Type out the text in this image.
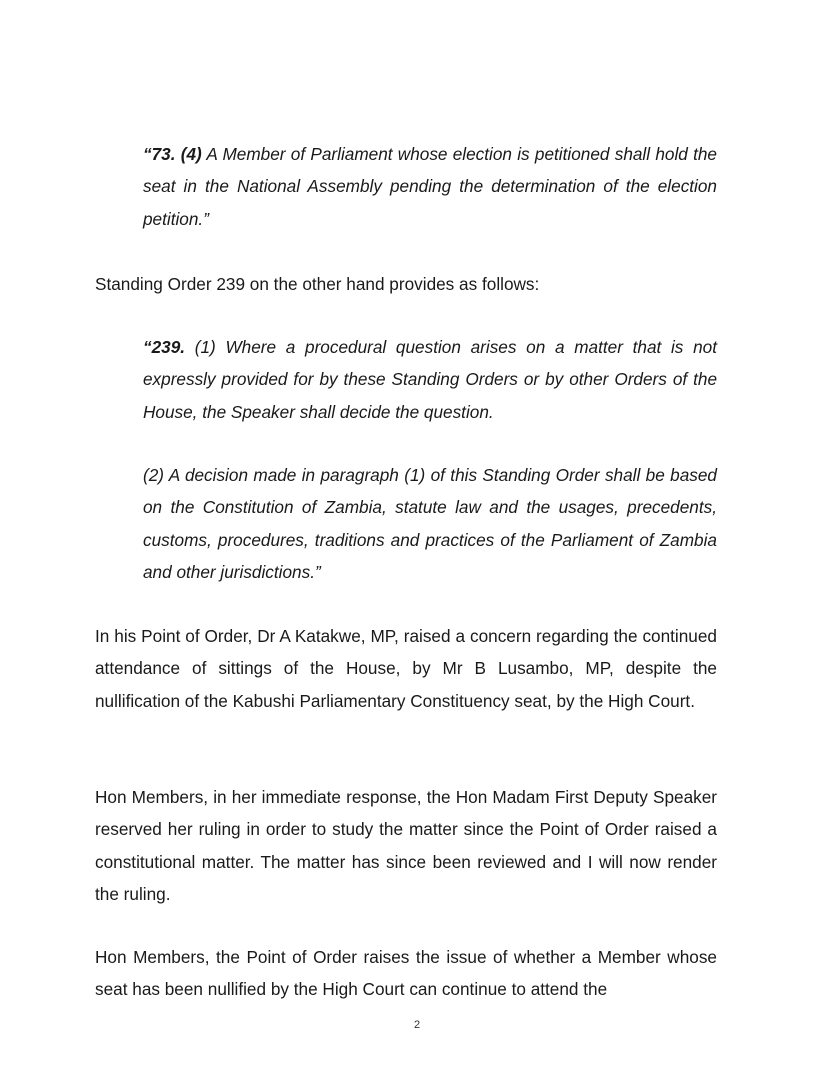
“73. (4) A Member of Parliament whose election is petitioned shall hold the seat in the National Assembly pending the determination of the election petition.”

Standing Order 239 on the other hand provides as follows:

“239. (1) Where a procedural question arises on a matter that is not expressly provided for by these Standing Orders or by other Orders of the House, the Speaker shall decide the question.

(2) A decision made in paragraph (1) of this Standing Order shall be based on the Constitution of Zambia, statute law and the usages, precedents, customs, procedures, traditions and practices of the Parliament of Zambia and other jurisdictions.”

In his Point of Order, Dr A Katakwe, MP, raised a concern regarding the continued attendance of sittings of the House, by Mr B Lusambo, MP, despite the nullification of the Kabushi Parliamentary Constituency seat, by the High Court.

Hon Members, in her immediate response, the Hon Madam First Deputy Speaker reserved her ruling in order to study the matter since the Point of Order raised a constitutional matter. The matter has since been reviewed and I will now render the ruling.

Hon Members, the Point of Order raises the issue of whether a Member whose seat has been nullified by the High Court can continue to attend the

2
